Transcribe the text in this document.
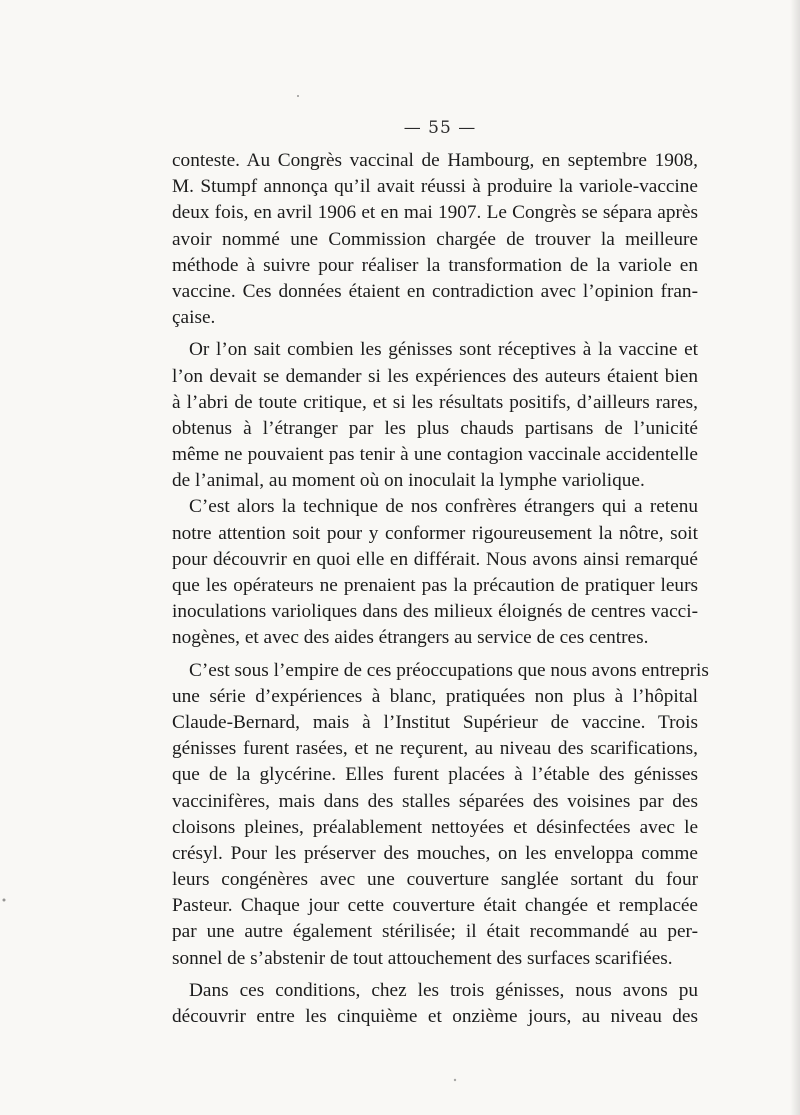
— 55 —
conteste. Au Congrès vaccinal de Hambourg, en septembre 1908,
M. Stumpf annonça qu’il avait réussi à produire la variole-vaccine
deux fois, en avril 1906 et en mai 1907. Le Congrès se sépara après
avoir nommé une Commission chargée de trouver la meilleure
méthode à suivre pour réaliser la transformation de la variole en
vaccine. Ces données étaient en contradiction avec l’opinion fran-
çaise.
Or l’on sait combien les génisses sont réceptives à la vaccine et
l’on devait se demander si les expériences des auteurs étaient bien
à l’abri de toute critique, et si les résultats positifs, d’ailleurs rares,
obtenus à l’étranger par les plus chauds partisans de l’unicité
même ne pouvaient pas tenir à une contagion vaccinale accidentelle
de l’animal, au moment où on inoculait la lymphe variolique.
C’est alors la technique de nos confrères étrangers qui a retenu
notre attention soit pour y conformer rigoureusement la nôtre, soit
pour découvrir en quoi elle en différait. Nous avons ainsi remarqué
que les opérateurs ne prenaient pas la précaution de pratiquer leurs
inoculations varioliques dans des milieux éloignés de centres vacci-
nogènes, et avec des aides étrangers au service de ces centres.
C’est sous l’empire de ces préoccupations que nous avons entrepris
une série d’expériences à blanc, pratiquées non plus à l’hôpital
Claude-Bernard, mais à l’Institut Supérieur de vaccine. Trois
génisses furent rasées, et ne reçurent, au niveau des scarifications,
que de la glycérine. Elles furent placées à l’étable des génisses
vaccinifères, mais dans des stalles séparées des voisines par des
cloisons pleines, préalablement nettoyées et désinfectées avec le
crésyl. Pour les préserver des mouches, on les enveloppa comme
leurs congénères avec une couverture sanglée sortant du four
Pasteur. Chaque jour cette couverture était changée et remplacée
par une autre également stérilisée; il était recommandé au per-
sonnel de s’abstenir de tout attouchement des surfaces scarifiées.
Dans ces conditions, chez les trois génisses, nous avons pu
découvrir entre les cinquième et onzième jours, au niveau des
